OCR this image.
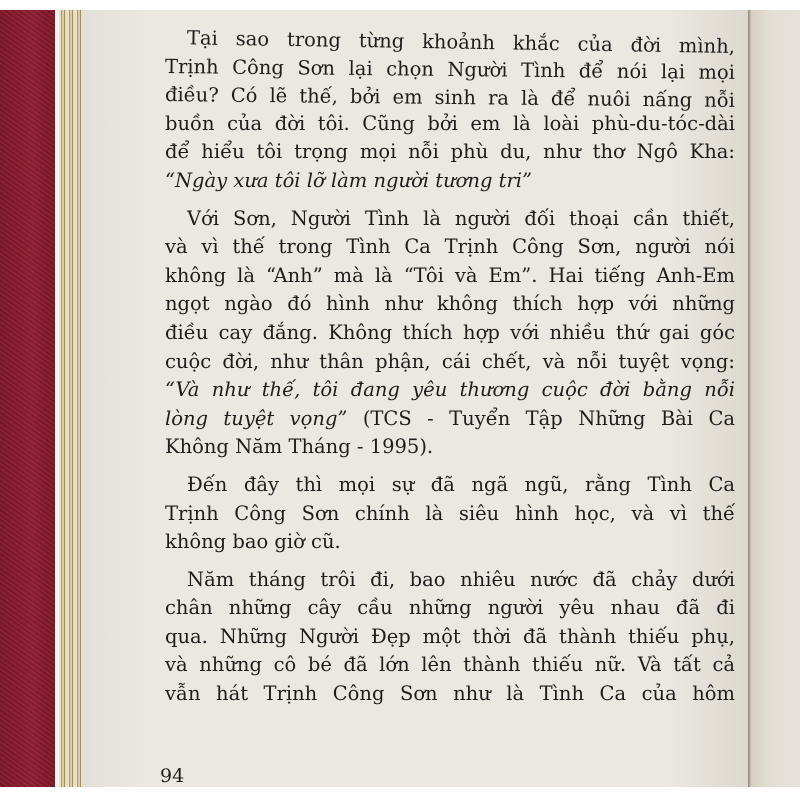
Tại sao trong từng khoảnh khắc của đời mình,
Trịnh Công Sơn lại chọn Người Tình để nói lại mọi
điều? Có lẽ thế, bởi em sinh ra là để nuôi nấng nỗi
buồn của đời tôi. Cũng bởi em là loài phù-du-tóc-dài
để hiểu tôi trọng mọi nỗi phù du, như thơ Ngô Kha:
“Ngày xưa tôi lỡ làm người tương tri”

Với Sơn, Người Tình là người đối thoại cần thiết,
và vì thế trong Tình Ca Trịnh Công Sơn, người nói
không là “Anh” mà là “Tôi và Em”. Hai tiếng Anh-Em
ngọt ngào đó hình như không thích hợp với những
điều cay đắng. Không thích hợp với nhiều thứ gai góc
cuộc đời, như thân phận, cái chết, và nỗi tuyệt vọng:
“Và như thế, tôi đang yêu thương cuộc đời bằng nỗi
lòng tuyệt vọng” (TCS - Tuyển Tập Những Bài Ca
Không Năm Tháng - 1995).

Đến đây thì mọi sự đã ngã ngũ, rằng Tình Ca
Trịnh Công Sơn chính là siêu hình học, và vì thế
không bao giờ cũ.

Năm tháng trôi đi, bao nhiêu nước đã chảy dưới
chân những cây cầu những người yêu nhau đã đi
qua. Những Người Đẹp một thời đã thành thiếu phụ,
và những cô bé đã lớn lên thành thiếu nữ. Và tất cả
vẫn hát Trịnh Công Sơn như là Tình Ca của hôm

94
